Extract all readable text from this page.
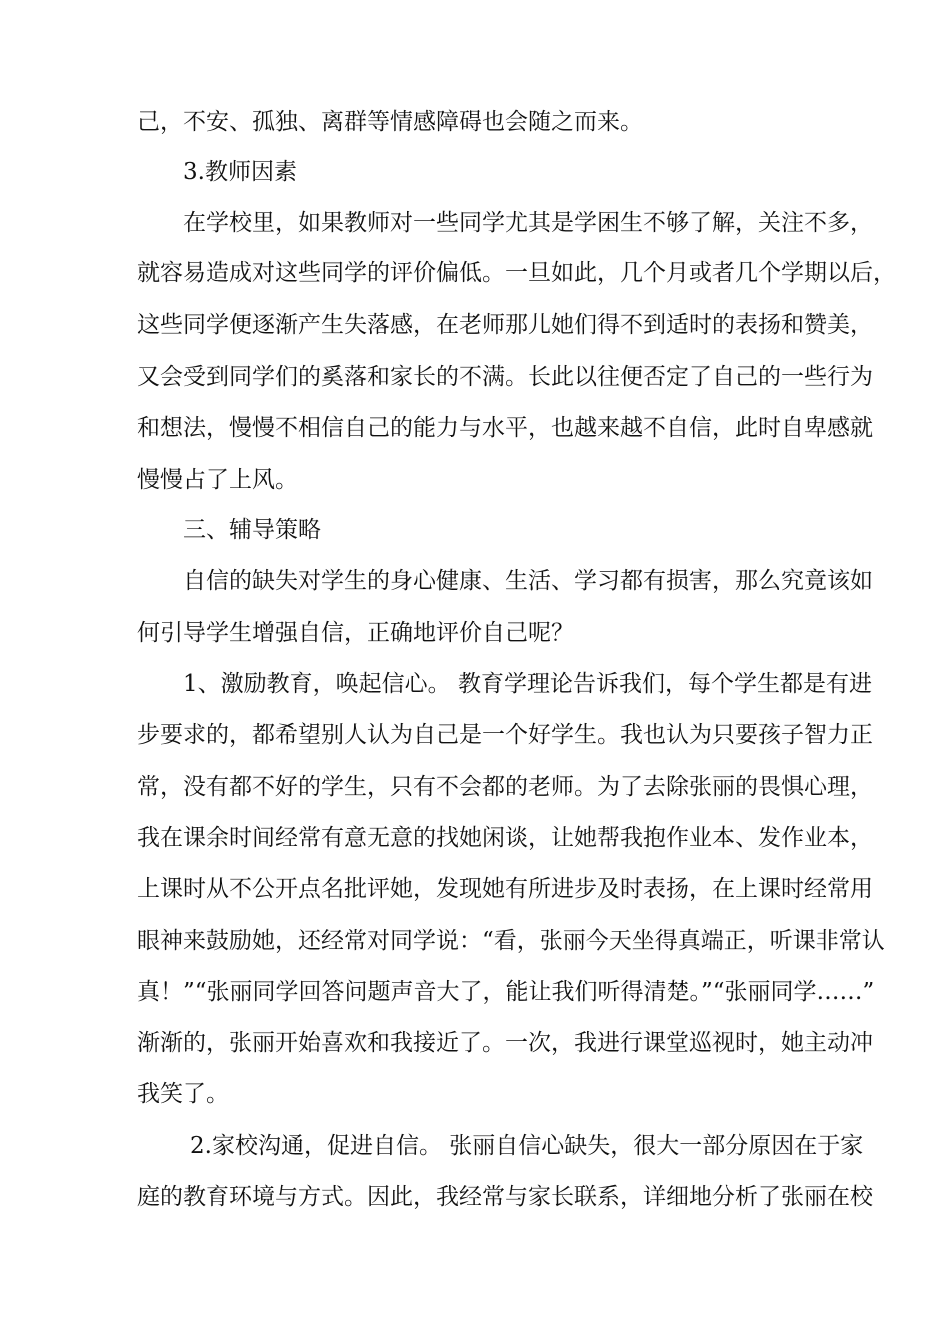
己，不安、孤独、离群等情感障碍也会随之而来。
3.教师因素
在学校里，如果教师对一些同学尤其是学困生不够了解，关注不多，
就容易造成对这些同学的评价偏低。一旦如此，几个月或者几个学期以后，
这些同学便逐渐产生失落感，在老师那儿她们得不到适时的表扬和赞美，
又会受到同学们的奚落和家长的不满。长此以往便否定了自己的一些行为
和想法，慢慢不相信自己的能力与水平，也越来越不自信，此时自卑感就
慢慢占了上风。
三、辅导策略
自信的缺失对学生的身心健康、生活、学习都有损害，那么究竟该如
何引导学生增强自信，正确地评价自己呢？
1、激励教育，唤起信心。 教育学理论告诉我们，每个学生都是有进
步要求的，都希望别人认为自己是一个好学生。我也认为只要孩子智力正
常，没有都不好的学生，只有不会都的老师。为了去除张丽的畏惧心理，
我在课余时间经常有意无意的找她闲谈，让她帮我抱作业本、发作业本，
上课时从不公开点名批评她，发现她有所进步及时表扬，在上课时经常用
眼神来鼓励她，还经常对同学说：“看，张丽今天坐得真端正，听课非常认
真！”“张丽同学回答问题声音大了，能让我们听得清楚。”“张丽同学……”
渐渐的，张丽开始喜欢和我接近了。一次，我进行课堂巡视时，她主动冲
我笑了。
2.家校沟通，促进自信。 张丽自信心缺失，很大一部分原因在于家
庭的教育环境与方式。因此，我经常与家长联系，详细地分析了张丽在校
